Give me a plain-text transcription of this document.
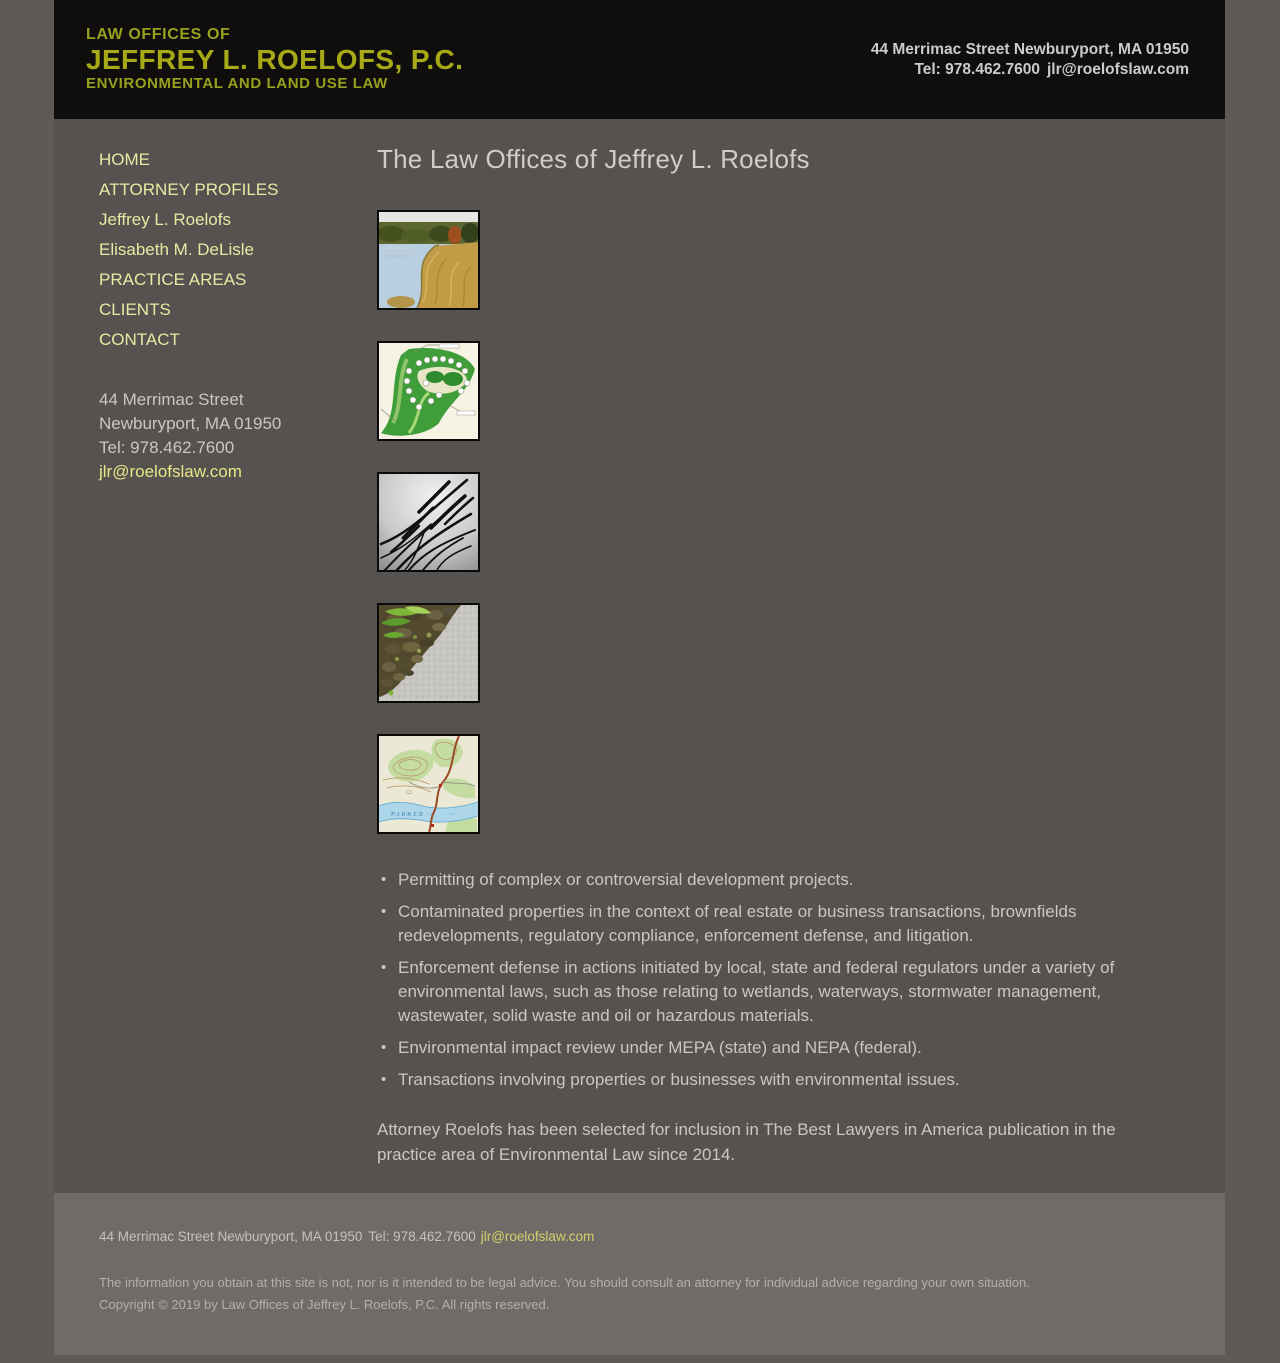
LAW OFFICES OF
JEFFREY L. ROELOFS, P.C.
ENVIRONMENTAL AND LAND USE LAW
44 Merrimac Street Newburyport, MA 01950
Tel: 978.462.7600 jlr@roelofslaw.com
HOME
ATTORNEY PROFILES
Jeffrey L. Roelofs
Elisabeth M. DeLisle
PRACTICE AREAS
CLIENTS
CONTACT
44 Merrimac Street
Newburyport, MA 01950
Tel: 978.462.7600
jlr@roelofslaw.com
The Law Offices of Jeffrey L. Roelofs
PARKER
• Permitting of complex or controversial development projects.
• Contaminated properties in the context of real estate or business transactions, brownfields redevelopments, regulatory compliance, enforcement defense, and litigation.
• Enforcement defense in actions initiated by local, state and federal regulators under a variety of environmental laws, such as those relating to wetlands, waterways, stormwater management, wastewater, solid waste and oil or hazardous materials.
• Environmental impact review under MEPA (state) and NEPA (federal).
• Transactions involving properties or businesses with environmental issues.

Attorney Roelofs has been selected for inclusion in The Best Lawyers in America publication in the practice area of Environmental Law since 2014.

44 Merrimac Street Newburyport, MA 01950 Tel: 978.462.7600 jlr@roelofslaw.com
The information you obtain at this site is not, nor is it intended to be legal advice. You should consult an attorney for individual advice regarding your own situation.
Copyright © 2019 by Law Offices of Jeffrey L. Roelofs, P.C. All rights reserved.
